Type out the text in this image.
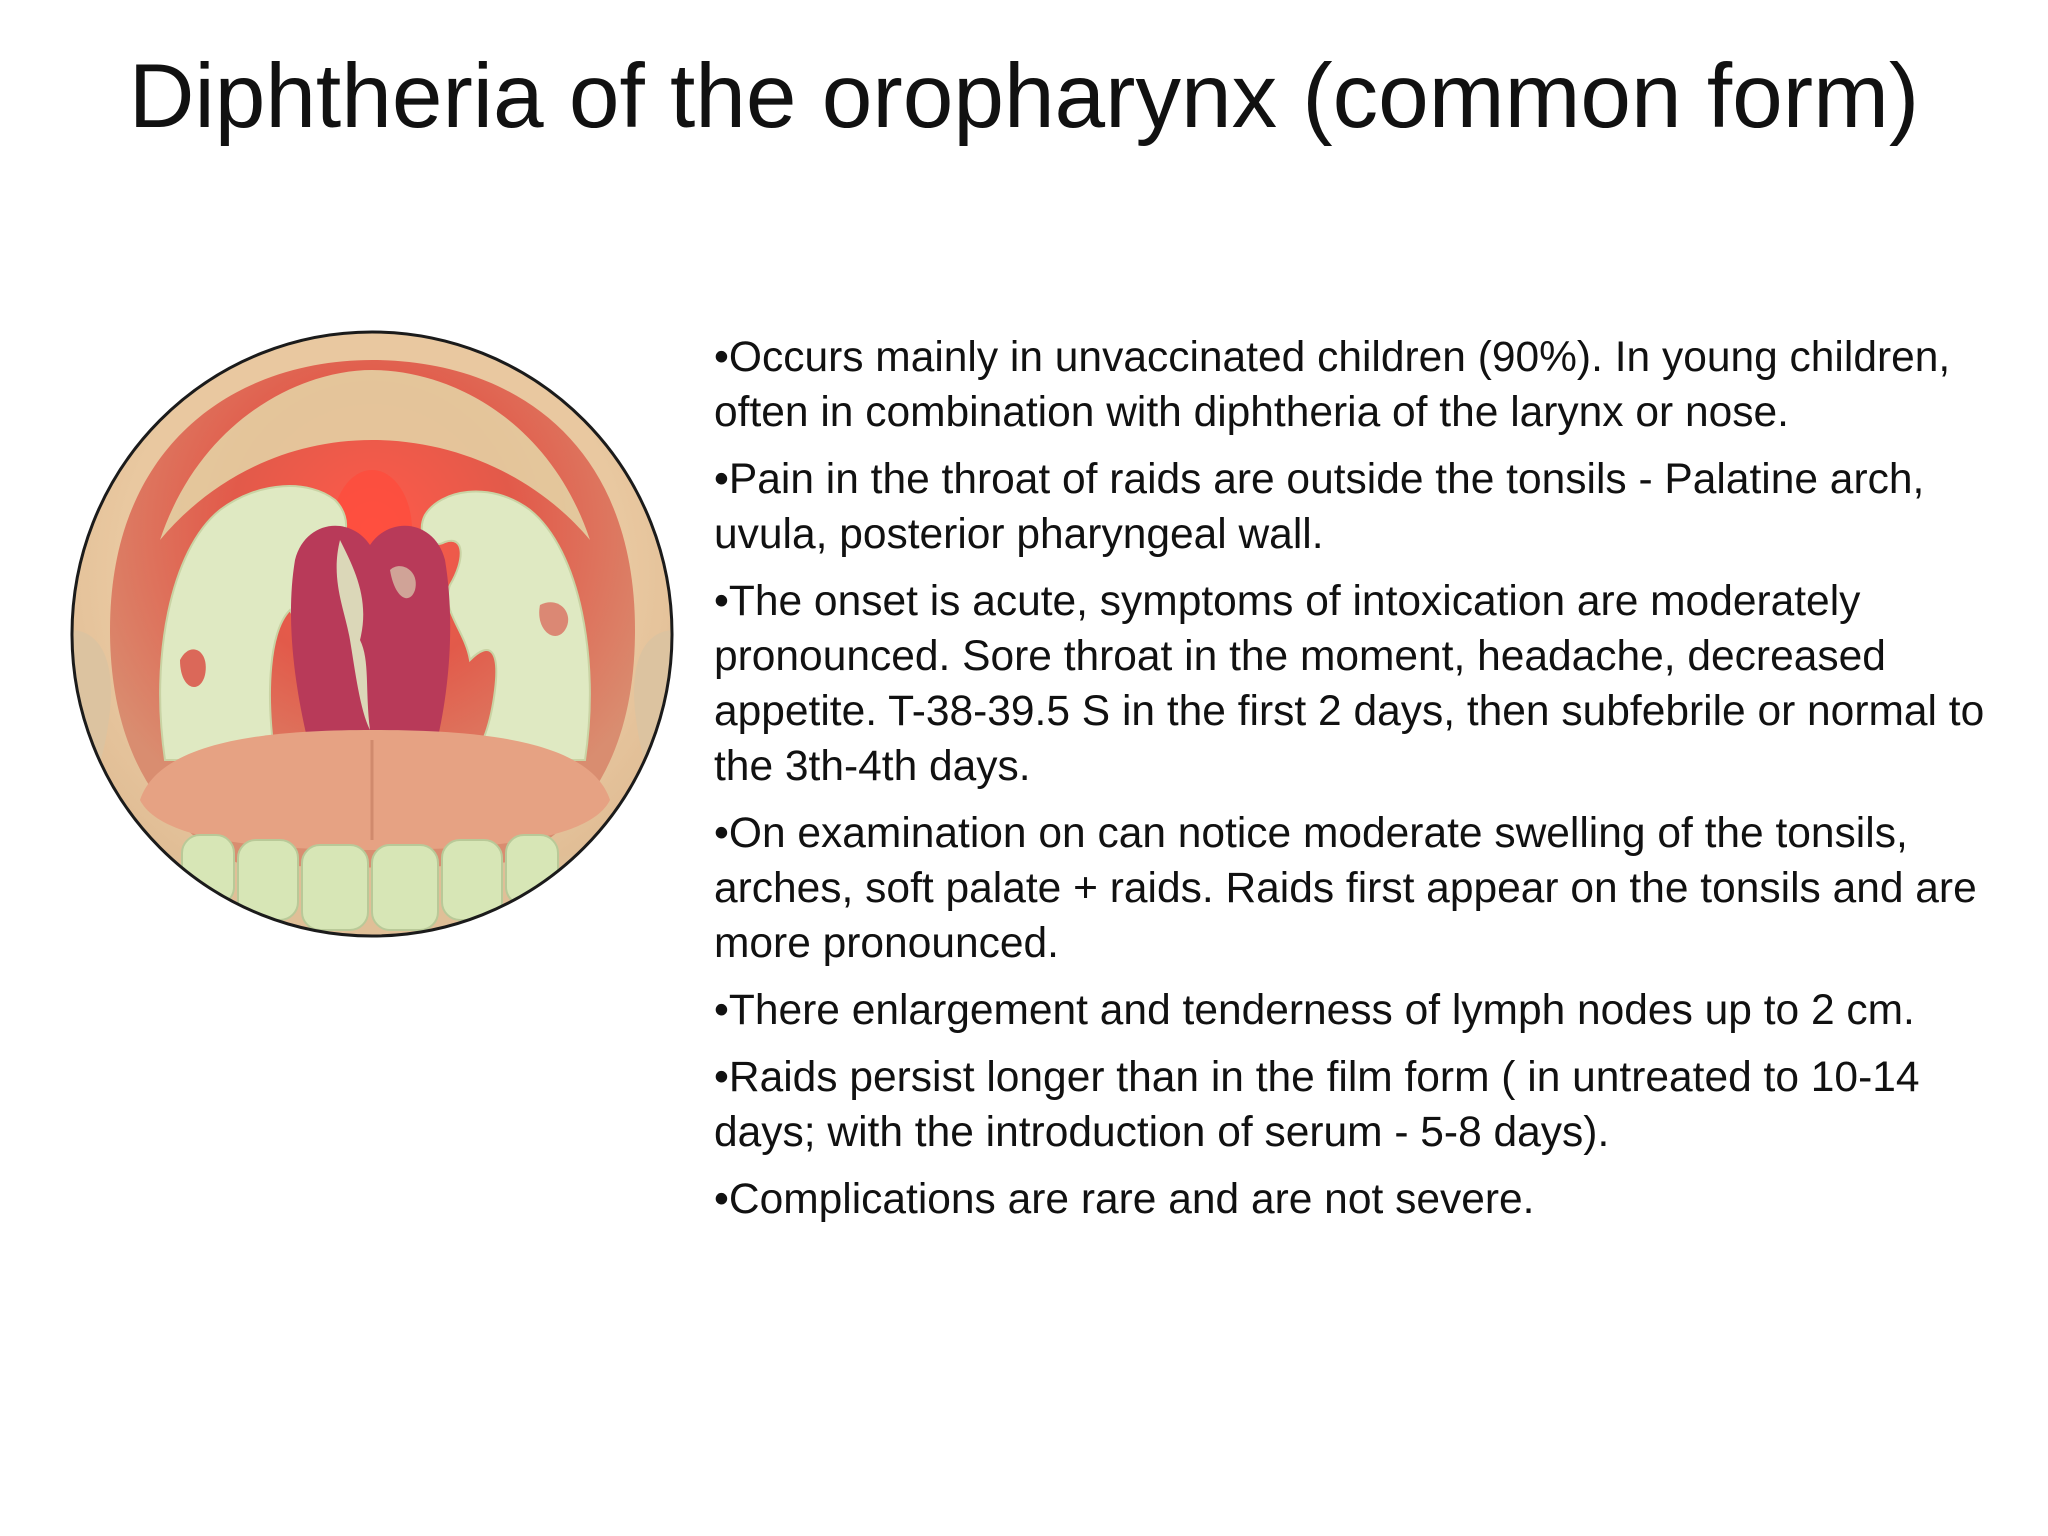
Diphtheria of the oropharynx (common form)
•Occurs mainly in unvaccinated children (90%). In young children, often in combination with diphtheria of the larynx or nose.
•Pain in the throat of raids are outside the tonsils - Palatine arch, uvula, posterior pharyngeal wall.
•The onset is acute, symptoms of intoxication are moderately pronounced. Sore throat in the moment, headache, decreased appetite. T-38-39.5 S in the first 2 days, then subfebrile or normal to the 3th-4th days.
•On examination on can notice moderate swelling of the tonsils, arches, soft palate + raids. Raids first appear on the tonsils and are more pronounced.
•There enlargement and tenderness of lymph nodes up to 2 cm.
•Raids persist longer than in the film form ( in untreated to 10-14 days; with the introduction of serum - 5-8 days).
•Complications are rare and are not severe.
